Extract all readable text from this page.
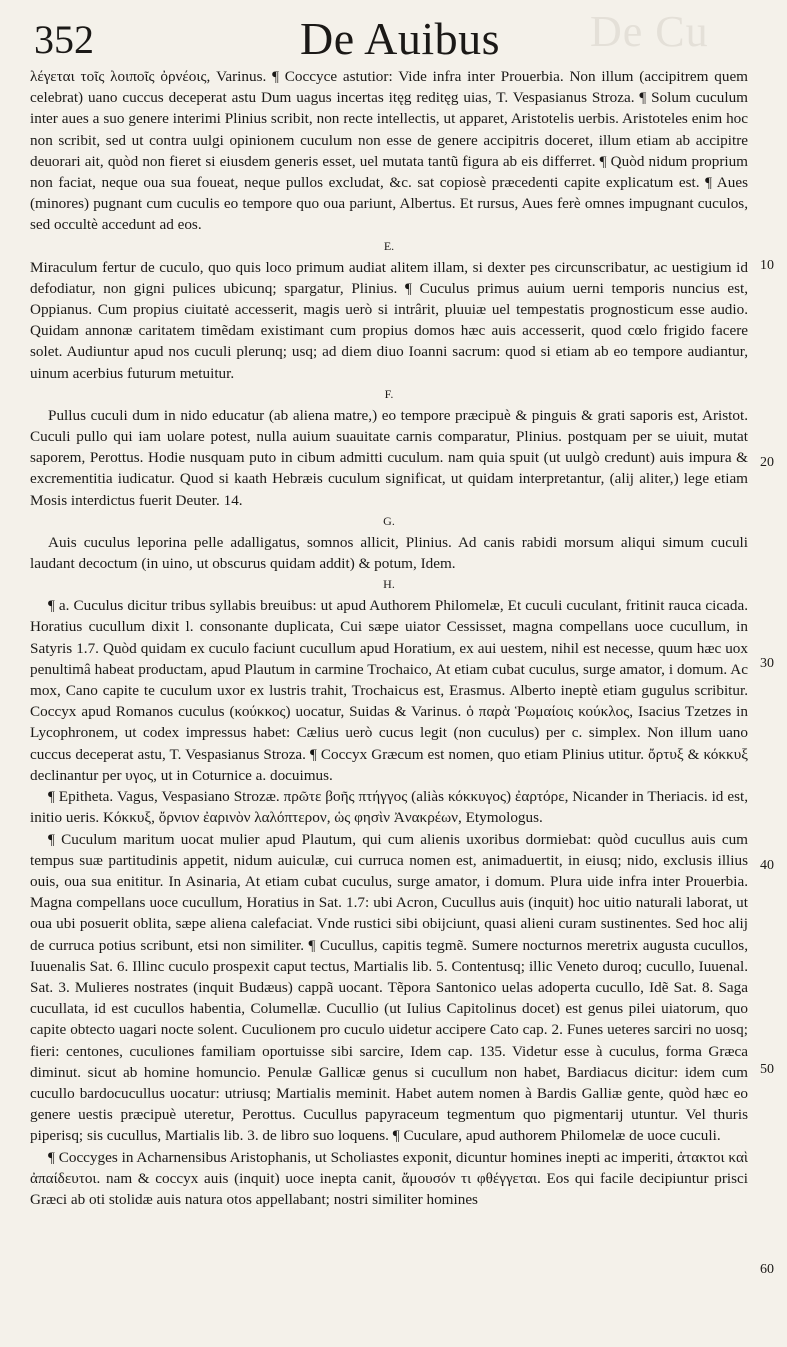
De Cu
352	De Auibus

λέγεται τοῖς λοιποῖς ὀρνέοις, Varinus. ¶ Coccyce astutior: Vide infra inter Prouerbia. Non illum (accipitrem quem celebrat) uano cuccus deceperat astu Dum uagus incertas itęg reditęg uias, T. Vespasianus Stroza. ¶ Solum cuculum inter aues a suo genere interimi Plinius scribit, non recte intellectis, ut apparet, Aristotelis uerbis. Aristoteles enim hoc non scribit, sed ut contra uulgi opinionem cuculum non esse de genere accipitris doceret, illum etiam ab accipitre deuorari ait, quòd non fieret si eiusdem generis esset, uel mutata tantũ figura ab eis differret. ¶ Quòd nidum proprium non faciat, neque oua sua foueat, neque pullos excludat, &c. sat copiosè præcedenti capite explicatum est. ¶ Aues (minores) pugnant cum cuculis eo tempore quo oua pariunt, Albertus. Et rursus, Aues ferè omnes impugnant cuculos, sed occultè accedunt ad eos.

E.

Miraculum fertur de cuculo, quo quis loco primum audiat alitem illam, si dexter pes circunscribatur, ac uestigium id defodiatur, non gigni pulices ubicunq; spargatur, Plinius. ¶ Cuculus primus auium uerni temporis nuncius est, Oppianus. Cum propius ciuitatė accesserit, magis uerò si intrârit, pluuiæ uel tempestatis prognosticum esse audio. Quidam annonæ caritatem timẽdam existimant cum propius domos hæc auis accesserit, quod cœlo frigido facere solet. Audiuntur apud nos cuculi plerunq; usq; ad diem diuo Ioanni sacrum: quod si etiam ab eo tempore audiantur, uinum acerbius futurum metuitur.

F.

Pullus cuculi dum in nido educatur (ab aliena matre,) eo tempore præcipuè & pinguis & grati saporis est, Aristot. Cuculi pullo qui iam uolare potest, nulla auium suauitate carnis comparatur, Plinius. postquam per se uiuit, mutat saporem, Perottus. Hodie nusquam puto in cibum admitti cuculum. nam quia spuit (ut uulgò credunt) auis impura & excrementitia iudicatur. Quod si kaath Hebræis cuculum significat, ut quidam interpretantur, (alij aliter,) lege etiam Mosis interdictus fuerit Deuter. 14.

G.

Auis cuculus leporina pelle adalligatus, somnos allicit, Plinius. Ad canis rabidi morsum aliqui simum cuculi laudant decoctum (in uino, ut obscurus quidam addit) & potum, Idem.

H.

¶ a. Cuculus dicitur tribus syllabis breuibus: ut apud Authorem Philomelæ, Et cuculi cuculant, fritinit rauca cicada. Horatius cucullum dixit l. consonante duplicata, Cui sæpe uiator Cessisset, magna compellans uoce cucullum, in Satyris 1.7. Quòd quidam ex cuculo faciunt cucullum apud Horatium, ex aui uestem, nihil est necesse, quum hæc uox penultimâ habeat productam, apud Plautum in carmine Trochaico, At etiam cubat cuculus, surge amator, i domum. Ac mox, Cano capite te cuculum uxor ex lustris trahit, Trochaicus est, Erasmus. Alberto ineptè etiam gugulus scribitur. Coccyx apud Romanos cuculus (κούκκος) uocatur, Suidas & Varinus. ὁ παρὰ Ῥωμαίοις κούκλος, Isacius Tzetzes in Lycophronem, ut codex impressus habet: Cælius uerò cucus legit (non cuculus) per c. simplex. Non illum uano cuccus deceperat astu, T. Vespasianus Stroza. ¶ Coccyx Græcum est nomen, quo etiam Plinius utitur. ὄρτυξ & κόκκυξ declinantur per υγος, ut in Coturnice a. docuimus.

¶ Epitheta. Vagus, Vespasiano Strozæ. πρῶτε βοῆς πτήγγος (aliàs κόκκυγος) ἐαρτόρε, Nicander in Theriacis. id est, initio ueris. Κόκκυξ, ὄρνιον ἐαρινὸν λαλόπτερον, ὡς φησὶν Ἀνακρέων, Etymologus.

¶ Cuculum maritum uocat mulier apud Plautum, qui cum alienis uxoribus dormiebat: quòd cucullus auis cum tempus suæ partitudinis appetit, nidum auiculæ, cui curruca nomen est, animaduertit, in eiusq; nido, exclusis illius ouis, oua sua enititur. In Asinaria, At etiam cubat cuculus, surge amator, i domum. Plura uide infra inter Prouerbia. Magna compellans uoce cucullum, Horatius in Sat. 1.7: ubi Acron, Cucullus auis (inquit) hoc uitio naturali laborat, ut oua ubi posuerit oblita, sæpe aliena calefaciat. Vnde rustici sibi obijciunt, quasi alieni curam sustinentes. Sed hoc alij de curruca potius scribunt, etsi non similiter. ¶ Cucullus, capitis tegmẽ. Sumere nocturnos meretrix augusta cucullos, Iuuenalis Sat. 6. Illinc cuculo prospexit caput tectus, Martialis lib. 5. Contentusq; illic Veneto duroq; cucullo, Iuuenal. Sat. 3. Mulieres nostrates (inquit Budæus) cappã uocant. Tẽpora Santonico uelas adoperta cucullo, Idẽ Sat. 8. Saga cucullata, id est cucullos habentia, Columellæ. Cucullio (ut Iulius Capitolinus docet) est genus pilei uiatorum, quo capite obtecto uagari nocte solent. Cuculionem pro cuculo uidetur accipere Cato cap. 2. Funes ueteres sarciri no uosq; fieri: centones, cuculiones familiam oportuisse sibi sarcire, Idem cap. 135. Videtur esse à cuculus, forma Græca diminut. sicut ab homine homuncio. Penulæ Gallicæ genus si cucullum non habet, Bardiacus dicitur: idem cum cucullo bardocucullus uocatur: utriusq; Martialis meminit. Habet autem nomen à Bardis Galliæ gente, quòd hæc eo genere uestis præcipuè uteretur, Perottus. Cucullus papyraceum tegmentum quo pigmentarij utuntur. Vel thuris piperisq; sis cucullus, Martialis lib. 3. de libro suo loquens. ¶ Cuculare, apud authorem Philomelæ de uoce cuculi.

¶ Coccyges in Acharnensibus Aristophanis, ut Scholiastes exponit, dicuntur homines inepti ac imperiti, ἀτακτοι καὶ ἀπαίδευτοι. nam & coccyx auis (inquit) uoce inepta canit, ἄμουσόν τι φθέγγεται. Eos qui facile decipiuntur prisci Græci ab oti stolidæ auis natura otos appellabant; nostri similiter homines

10
20
30
40
50
60
